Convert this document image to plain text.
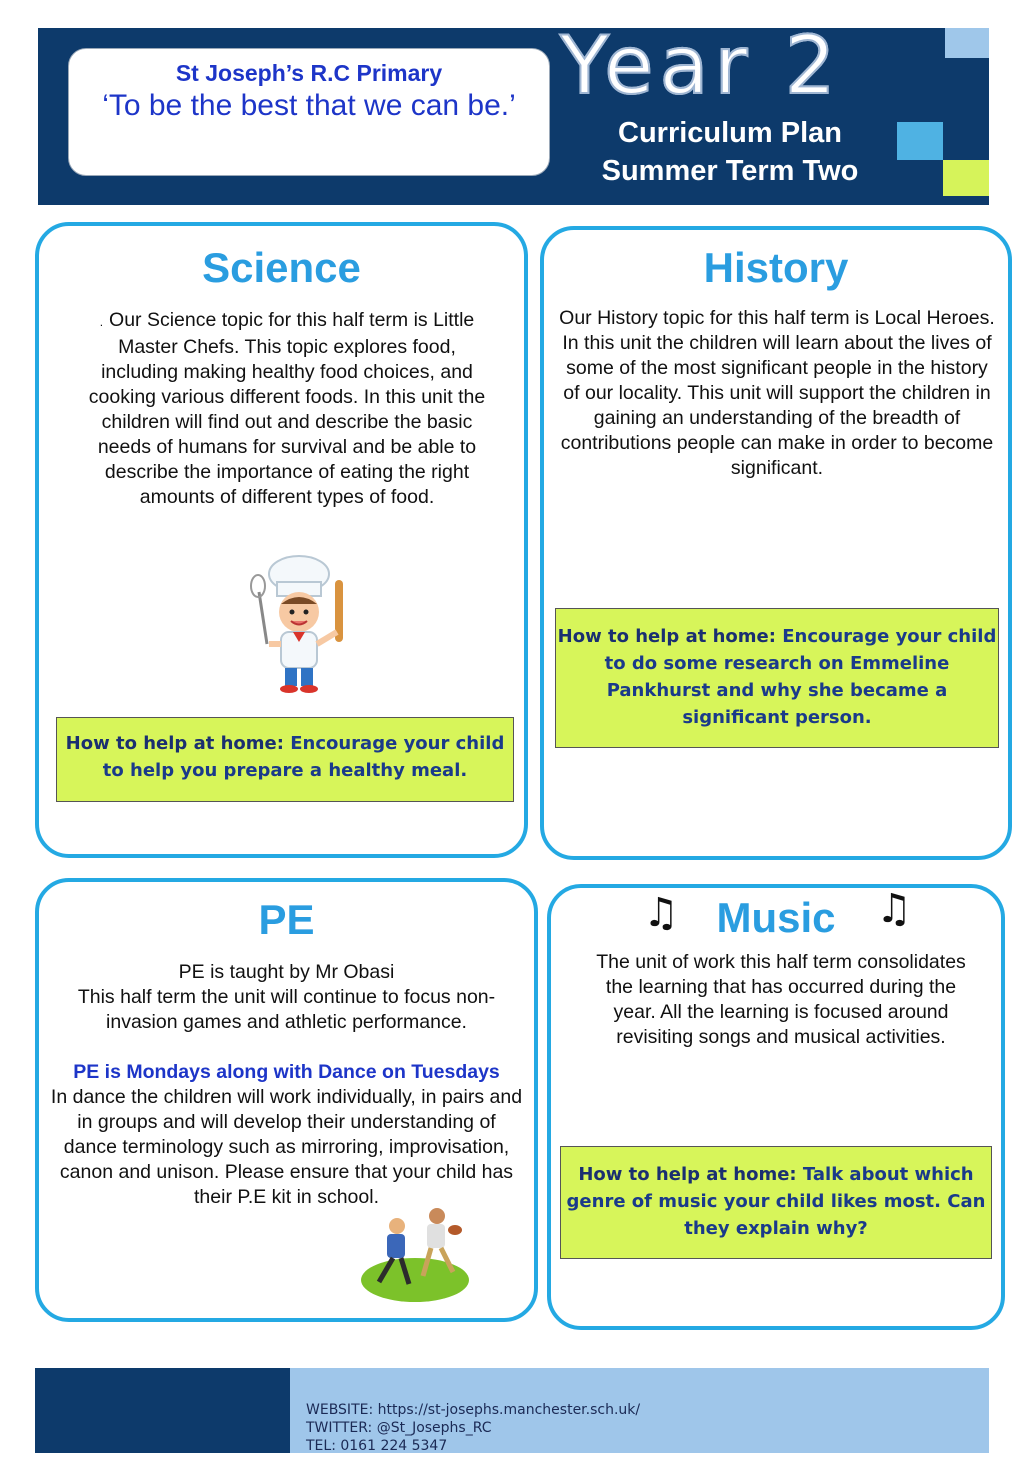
St Joseph’s R.C Primary
‘To be the best that we can be.’ Year 2
Curriculum Plan
Summer Term Two
Science
. Our Science topic for this half term is Little Master Chefs. This topic explores food, including making healthy food choices, and cooking various different foods. In this unit the children will find out and describe the basic needs of humans for survival and be able to describe the importance of eating the right amounts of different types of food.
How to help at home: Encourage your child to help you prepare a healthy meal.
History
Our History topic for this half term is Local Heroes. In this unit the children will learn about the lives of some of the most significant people in the history of our locality. This unit will support the children in gaining an understanding of the breadth of contributions people can make in order to become significant.
How to help at home: Encourage your child to do some research on Emmeline Pankhurst and why she became a significant person.
PE
PE is taught by Mr Obasi
This half term the unit will continue to focus non-invasion games and athletic performance.
PE is Mondays along with Dance on Tuesdays
In dance the children will work individually, in pairs and in groups and will develop their understanding of dance terminology such as mirroring, improvisation, canon and unison. Please ensure that your child has their P.E kit in school.
♫ Music	♫
The unit of work this half term consolidates the learning that has occurred during the year. All the learning is focused around revisiting songs and musical activities.
How to help at home: Talk about which genre of music your child likes most. Can they explain why?
WEBSITE: https://st-josephs.manchester.sch.uk/
TWITTER: @St_Josephs_RC
TEL: 0161 224 5347
